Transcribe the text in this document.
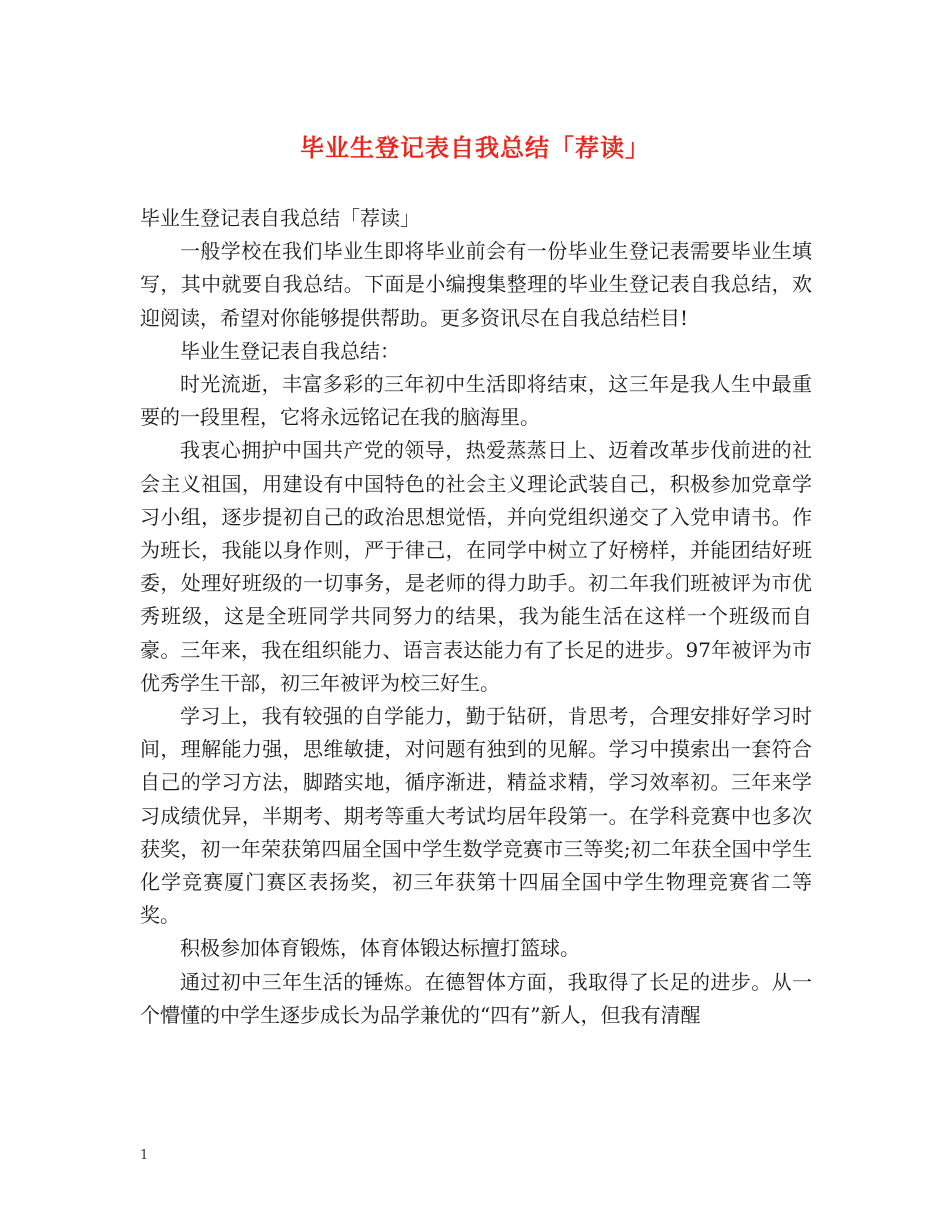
毕业生登记表自我总结「荐读」

毕业生登记表自我总结「荐读」

一般学校在我们毕业生即将毕业前会有一份毕业生登记表需要毕业生填写，其中就要自我总结。下面是小编搜集整理的毕业生登记表自我总结，欢迎阅读，希望对你能够提供帮助。更多资讯尽在自我总结栏目!

毕业生登记表自我总结：

时光流逝，丰富多彩的三年初中生活即将结束，这三年是我人生中最重要的一段里程，它将永远铭记在我的脑海里。

我衷心拥护中国共产党的领导，热爱蒸蒸日上、迈着改革步伐前进的社会主义祖国，用建设有中国特色的社会主义理论武装自己，积极参加党章学习小组，逐步提初自己的政治思想觉悟，并向党组织递交了入党申请书。作为班长，我能以身作则，严于律己，在同学中树立了好榜样，并能团结好班委，处理好班级的一切事务，是老师的得力助手。初二年我们班被评为市优秀班级，这是全班同学共同努力的结果，我为能生活在这样一个班级而自豪。三年来，我在组织能力、语言表达能力有了长足的进步。97年被评为市优秀学生干部，初三年被评为校三好生。

学习上，我有较强的自学能力，勤于钻研，肯思考，合理安排好学习时间，理解能力强，思维敏捷，对问题有独到的见解。学习中摸索出一套符合自己的学习方法，脚踏实地，循序渐进，精益求精，学习效率初。三年来学习成绩优异，半期考、期考等重大考试均居年段第一。在学科竞赛中也多次获奖，初一年荣获第四届全国中学生数学竞赛市三等奖;初二年获全国中学生化学竞赛厦门赛区表扬奖，初三年获第十四届全国中学生物理竞赛省二等奖。

积极参加体育锻炼，体育体锻达标擅打篮球。

通过初中三年生活的锤炼。在德智体方面，我取得了长足的进步。从一个懵懂的中学生逐步成长为品学兼优的“四有”新人，但我有清醒

1
